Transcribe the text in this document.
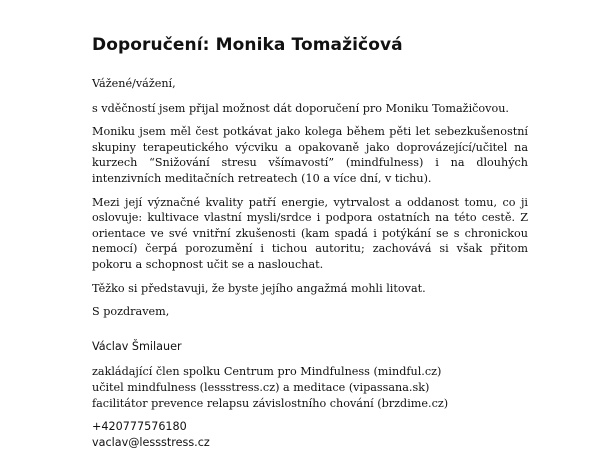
Doporučení: Monika Tomažičová

Vážené/vážení,

s vděčností jsem přijal možnost dát doporučení pro Moniku Tomažičovou.

Moniku jsem měl čest potkávat jako kolega během pěti let sebezkušenostní skupiny terapeutického výcviku a opakovaně jako doprovázející/učitel na kurzech “Snižování stresu všímavostí” (mindfulness) i na dlouhých intenzivních meditačních retreatech (10 a více dní, v tichu).

Mezi její význačné kvality patří energie, vytrvalost a oddanost tomu, co ji oslovuje: kultivace vlastní mysli/srdce i podpora ostatních na této cestě. Z orientace ve své vnitřní zkušenosti (kam spadá i potýkání se s chronickou nemocí) čerpá porozumění i tichou autoritu; zachovává si však přitom pokoru a schopnost učit se a naslouchat.

Těžko si představuji, že byste jejího angažmá mohli litovat.

S pozdravem,

Václav Šmilauer

zakládající člen spolku Centrum pro Mindfulness (mindful.cz)
učitel mindfulness (lessstress.cz) a meditace (vipassana.sk)
facilitátor prevence relapsu závislostního chování (brzdime.cz)
+420777576180
vaclav@lessstress.cz
